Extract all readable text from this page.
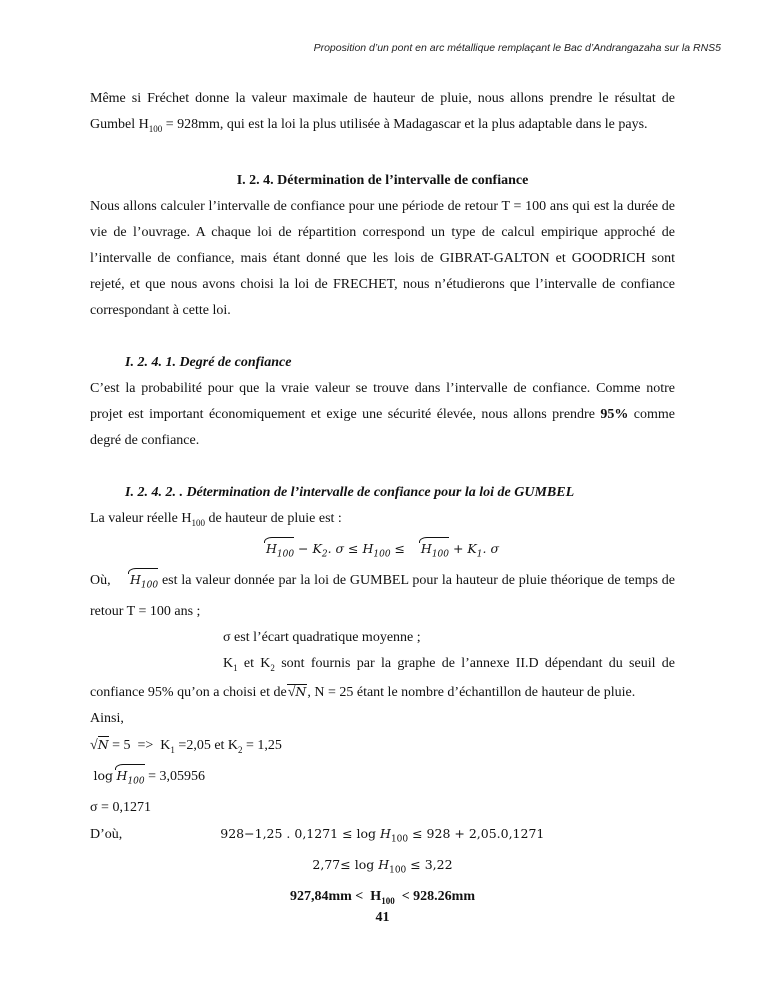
Proposition d’un pont en arc métallique remplaçant le Bac d’Andrangazaha sur la RNS5

Même si Fréchet donne la valeur maximale de hauteur de pluie, nous allons prendre le résultat de Gumbel $H_{100} = 928mm$, qui est la loi la plus utilisée à Madagascar et la plus adaptable dans le pays.

I. 2. 4. Détermination de l’intervalle de confiance

Nous allons calculer l’intervalle de confiance pour une période de retour T = 100 ans qui est la durée de vie de l’ouvrage. A chaque loi de répartition correspond un type de calcul empirique approché de l’intervalle de confiance, mais étant donné que les lois de GIBRAT-GALTON et GOODRICH sont rejeté, et que nous avons choisi la loi de FRECHET, nous n’étudierons que l’intervalle de confiance correspondant à cette loi.

I. 2. 4. 1. Degré de confiance

C’est la probabilité pour que la vraie valeur se trouve dans l’intervalle de confiance. Comme notre projet est important économiquement et exige une sécurité élevée, nous allons prendre 95% comme degré de confiance.

I. 2. 4. 2. . Détermination de l’intervalle de confiance pour la loi de GUMBEL

La valeur réelle $H_{100}$ de hauteur de pluie est :

$H_{100} - K_2$. $\sigma \le H_{100}$ ≤    $H_{100} + K_1$. σ

Où, $H_{100}$ est la valeur donnée par la loi de GUMBEL pour la hauteur de pluie théorique de temps de retour T = 100 ans ;

σ est l’écart quadratique moyenne ;

$K_1$ et $K_2$ sont fournis par la graphe de l’annexe II.D dépendant du seuil de confiance 95% qu’on a choisi et de√N, N = 25 étant le nombre d’échantillon de hauteur de pluie.

Ainsi,
$√N = 5 => K_1 =2,05$ et $K_2 = 1,25$
$\log H_{100} = 3,05956$
σ = 0,1271
D’où,	928−1,25 . $0,1271 \le \log H_{100} \le 928 + 2,05.0,1271$
$2,77\le \log H_{100} \le 3,22$
$927,84mm < H_{100} < 928.26mm$
41
